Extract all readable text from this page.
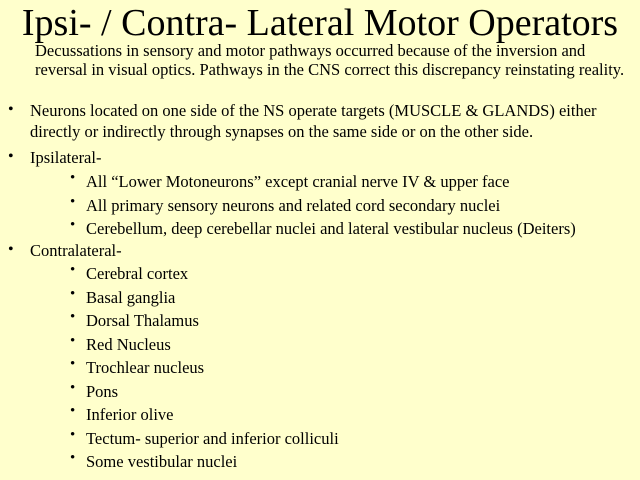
Ipsi- / Contra- Lateral Motor Operators
Decussations in sensory and motor pathways occurred because of the inversion and reversal in visual optics. Pathways in the CNS correct this discrepancy reinstating reality.
• Neurons located on one side of the NS operate targets (MUSCLE & GLANDS) either directly or indirectly through synapses on the same side or on the other side.
• Ipsilateral-
• All “Lower Motoneurons” except cranial nerve IV & upper face
• All primary sensory neurons and related cord secondary nuclei
• Cerebellum, deep cerebellar nuclei and lateral vestibular nucleus (Deiters)
• Contralateral-
• Cerebral cortex
• Basal ganglia
• Dorsal Thalamus
• Red Nucleus
• Trochlear nucleus
• Pons
• Inferior olive
• Tectum- superior and inferior colliculi
• Some vestibular nuclei
